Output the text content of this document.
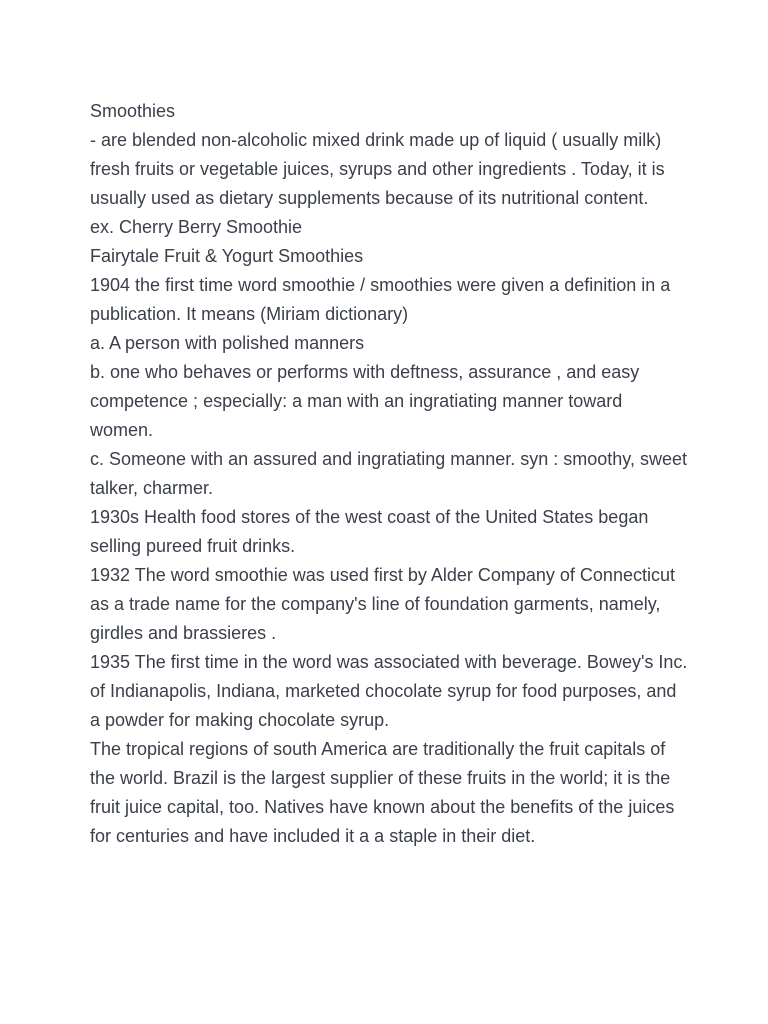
Smoothies

- are blended non-alcoholic mixed drink made up of liquid ( usually milk) fresh fruits or vegetable juices, syrups and other ingredients . Today, it is usually used as dietary supplements because of its nutritional content.

ex. Cherry Berry Smoothie

Fairytale Fruit & Yogurt Smoothies

1904 the first time word smoothie / smoothies were given a definition in a publication. It means (Miriam dictionary)

a. A person with polished manners

b. one who behaves or performs with deftness, assurance , and easy competence ; especially: a man with an ingratiating manner toward women.

c. Someone with an assured and ingratiating manner. syn : smoothy, sweet talker, charmer.

1930s Health food stores of the west coast of the United States began selling pureed fruit drinks.

1932 The word smoothie was used first by Alder Company of Connecticut as a trade name for the company's line of foundation garments, namely, girdles and brassieres .

1935 The first time in the word was associated with beverage. Bowey's Inc. of Indianapolis, Indiana, marketed chocolate syrup for food purposes, and a powder for making chocolate syrup.

The tropical regions of south America are traditionally the fruit capitals of the world. Brazil is the largest supplier of these fruits in the world; it is the fruit juice capital, too. Natives have known about the benefits of the juices for centuries and have included it a a staple in their diet.
